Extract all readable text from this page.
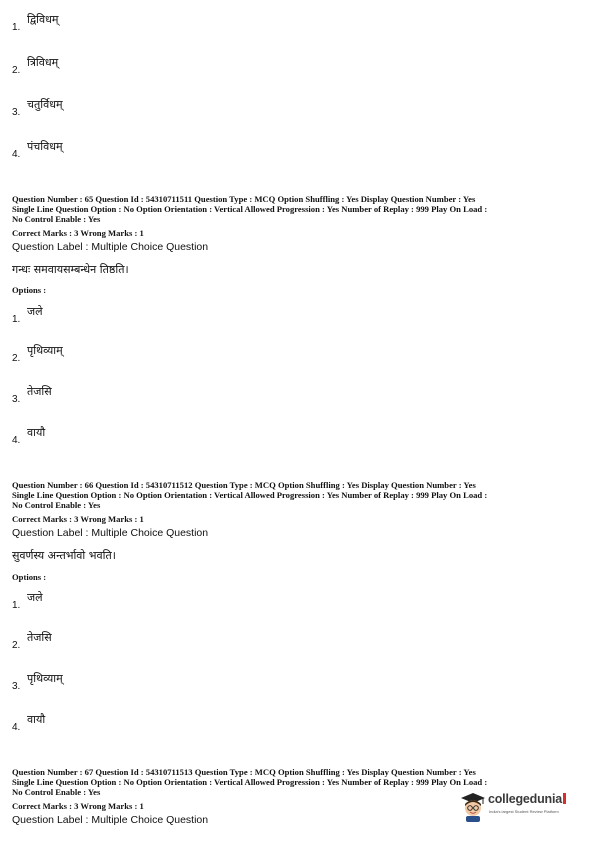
1.
द्विविधम्
2.
त्रिविधम्
3.
चतुर्विधम्
4.
पंचविधम्
Question Number : 65 Question Id : 54310711511 Question Type : MCQ Option Shuffling : Yes Display Question Number : Yes
Single Line Question Option : No Option Orientation : Vertical Allowed Progression : Yes Number of Replay : 999 Play On Load :
No Control Enable : Yes
Correct Marks : 3 Wrong Marks : 1
Question Label : Multiple Choice Question
गन्धः समवायसम्बन्धेन तिष्ठति।
Options :
1.
जले
2.
पृथिव्याम्
3.
तेजसि
4.
वायौ
Question Number : 66 Question Id : 54310711512 Question Type : MCQ Option Shuffling : Yes Display Question Number : Yes
Single Line Question Option : No Option Orientation : Vertical Allowed Progression : Yes Number of Replay : 999 Play On Load :
No Control Enable : Yes
Correct Marks : 3 Wrong Marks : 1
Question Label : Multiple Choice Question
सुवर्णस्य अन्तर्भावो भवति।
Options :
1.
जले
2.
तेजसि
3.
पृथिव्याम्
4.
वायौ
Question Number : 67 Question Id : 54310711513 Question Type : MCQ Option Shuffling : Yes Display Question Number : Yes
Single Line Question Option : No Option Orientation : Vertical Allowed Progression : Yes Number of Replay : 999 Play On Load :
No Control Enable : Yes
Correct Marks : 3 Wrong Marks : 1
Question Label : Multiple Choice Question
collegedunia
India's largest Student Review Platform
